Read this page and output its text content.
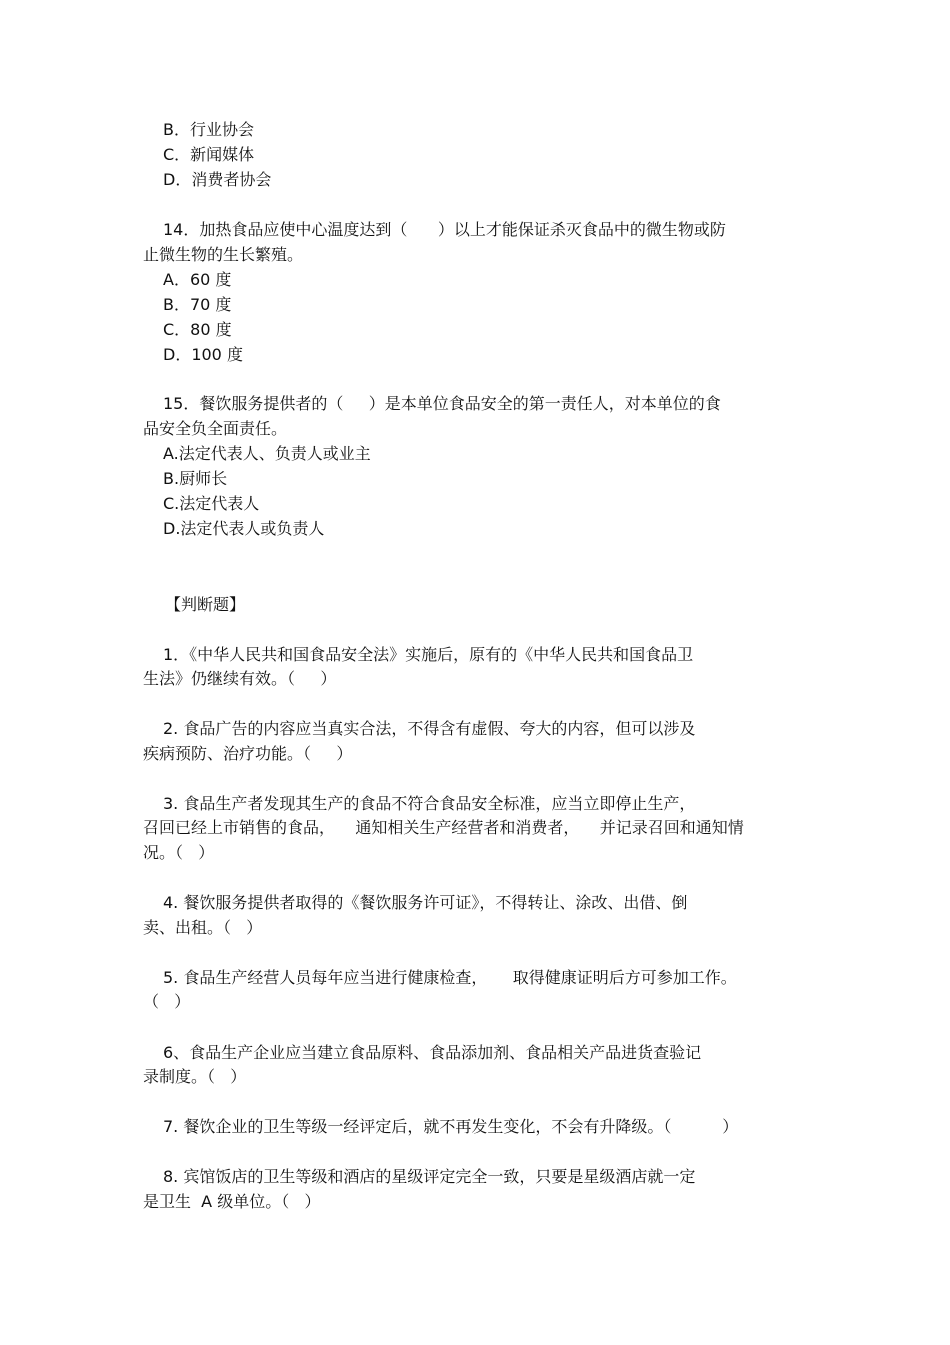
B．行业协会

C．新闻媒体

D．消费者协会

14．加热食品应使中心温度达到（      ）以上才能保证杀灭食品中的微生物或防

止微生物的生长繁殖。

A．60 度

B．70 度

C．80 度

D．100 度

15．餐饮服务提供者的（     ）是本单位食品安全的第一责任人，对本单位的食

品安全负全面责任。

A.法定代表人、负责人或业主

B.厨师长

C.法定代表人

D.法定代表人或负责人

【判断题】

1．《中华人民共和国食品安全法》实施后，原有的《中华人民共和国食品卫

生法》仍继续有效。（     ）

2. 食品广告的内容应当真实合法，不得含有虚假、夸大的内容，但可以涉及

疾病预防、治疗功能。（     ）

3. 食品生产者发现其生产的食品不符合食品安全标准，应当立即停止生产，

召回已经上市销售的食品，    通知相关生产经营者和消费者，    并记录召回和通知情

况。（   ）

4. 餐饮服务提供者取得的《餐饮服务许可证》，不得转让、涂改、出借、倒

卖、出租。（   ）

5. 食品生产经营人员每年应当进行健康检查，     取得健康证明后方可参加工作。

（   ）

6、食品生产企业应当建立食品原料、食品添加剂、食品相关产品进货查验记

录制度。（   ）

7. 餐饮企业的卫生等级一经评定后，就不再发生变化，不会有升降级。（          ）

8. 宾馆饭店的卫生等级和酒店的星级评定完全一致，只要是星级酒店就一定

是卫生  A 级单位。（   ）
